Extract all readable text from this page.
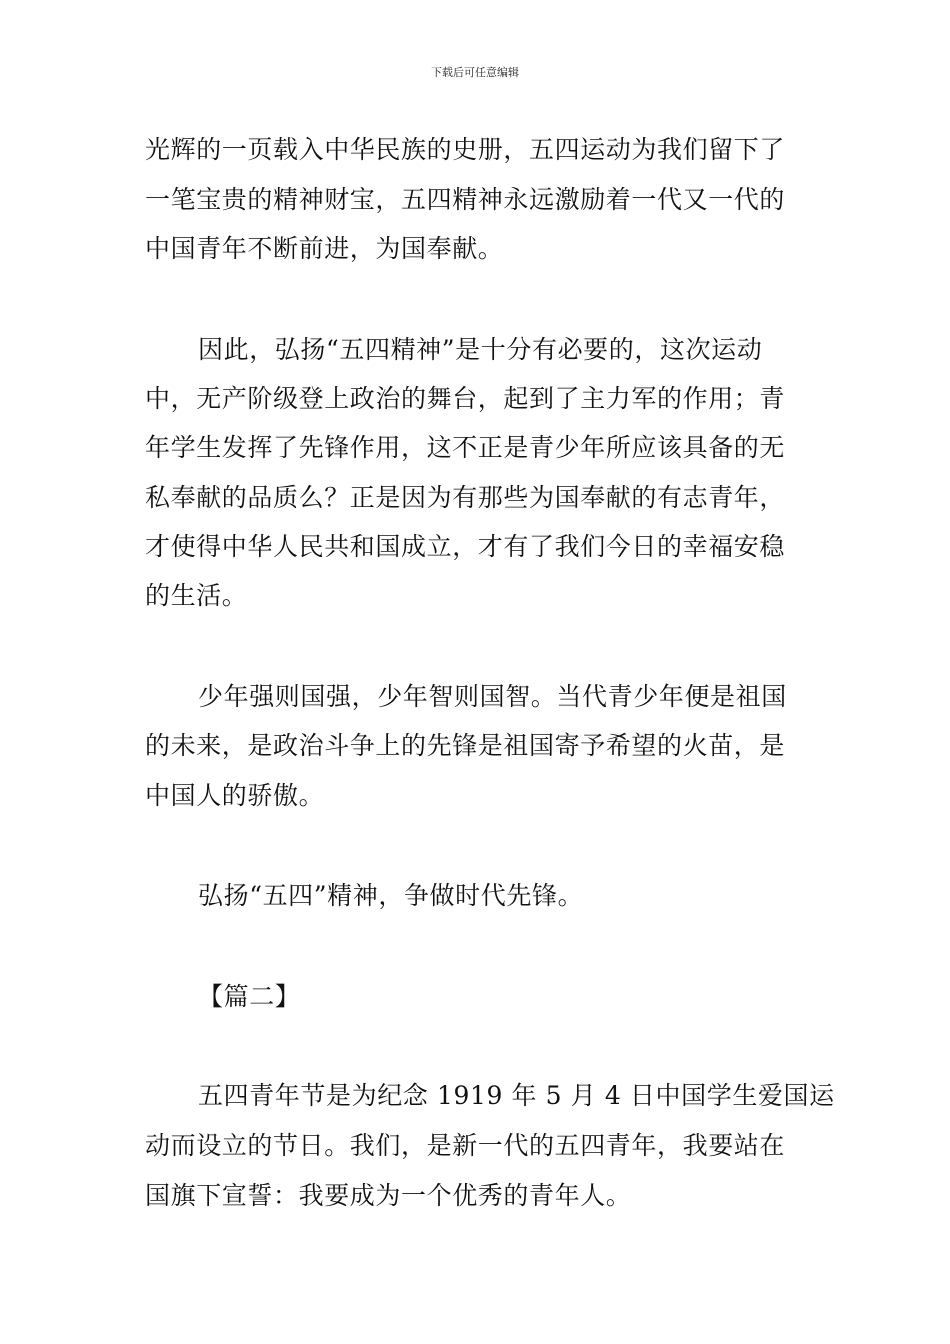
下载后可任意编辑
光辉的一页载入中华民族的史册，五四运动为我们留下了
一笔宝贵的精神财宝，五四精神永远激励着一代又一代的
中国青年不断前进，为国奉献。
因此，弘扬“五四精神”是十分有必要的，这次运动
中，无产阶级登上政治的舞台，起到了主力军的作用；青
年学生发挥了先锋作用，这不正是青少年所应该具备的无
私奉献的品质么？正是因为有那些为国奉献的有志青年，
才使得中华人民共和国成立，才有了我们今日的幸福安稳
的生活。
少年强则国强，少年智则国智。当代青少年便是祖国
的未来，是政治斗争上的先锋是祖国寄予希望的火苗，是
中国人的骄傲。
弘扬“五四”精神，争做时代先锋。
【篇二】
五四青年节是为纪念 1919 年 5 月 4 日中国学生爱国运
动而设立的节日。我们，是新一代的五四青年，我要站在
国旗下宣誓：我要成为一个优秀的青年人。
